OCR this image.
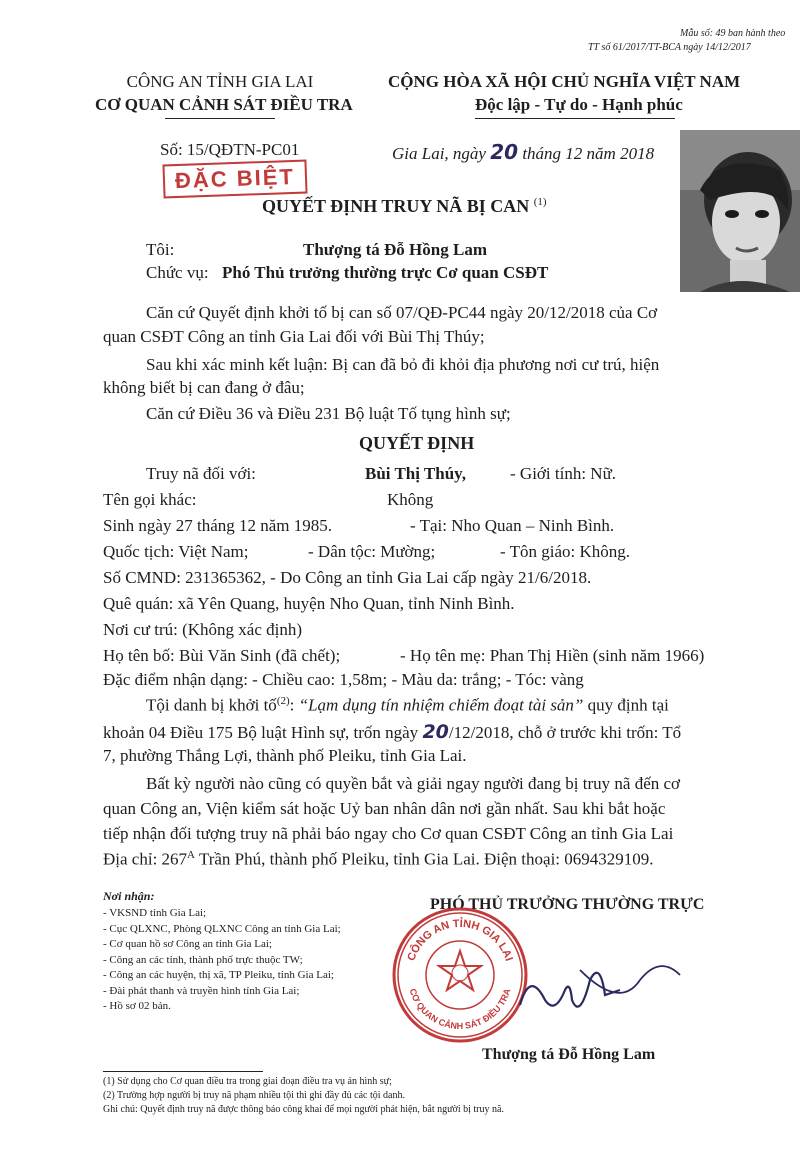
Mẫu số: 49 ban hành theo
TT số 61/2017/TT-BCA ngày 14/12/2017
CÔNG AN TỈNH GIA LAI
CƠ QUAN CẢNH SÁT ĐIỀU TRA
Số: 15/QĐTN-PC01
CỘNG HÒA XÃ HỘI CHỦ NGHĨA VIỆT NAM
Độc lập - Tự do - Hạnh phúc
Gia Lai, ngày 20 tháng 12 năm 2018
ĐẶC BIỆT
QUYẾT ĐỊNH TRUY NÃ BỊ CAN $^{(1)}$
Tôi:	Thượng tá Đỗ Hồng Lam
Chức vụ: Phó Thủ trưởng thường trực Cơ quan CSĐT
Căn cứ Quyết định khởi tố bị can số 07/QĐ-PC44 ngày 20/12/2018 của Cơ
quan CSĐT Công an tỉnh Gia Lai đối với Bùi Thị Thúy;
Sau khi xác minh kết luận: Bị can đã bỏ đi khỏi địa phương nơi cư trú, hiện
không biết bị can đang ở đâu;
Căn cứ Điều 36 và Điều 231 Bộ luật Tố tụng hình sự;
QUYẾT ĐỊNH
Truy nã đối với:	Bùi Thị Thúy,	- Giới tính: Nữ.
Tên gọi khác:	Không
Sinh ngày 27 tháng 12 năm 1985.	- Tại: Nho Quan – Ninh Bình.
Quốc tịch: Việt Nam;	- Dân tộc: Mường;	- Tôn giáo: Không.
Số CMND: 231365362, - Do Công an tỉnh Gia Lai cấp ngày 21/6/2018.
Quê quán: xã Yên Quang, huyện Nho Quan, tỉnh Ninh Bình.
Nơi cư trú: (Không xác định)
Họ tên bố: Bùi Văn Sinh (đã chết);	- Họ tên mẹ: Phan Thị Hiền (sinh năm 1966)
Đặc điểm nhận dạng: - Chiều cao: 1,58m; - Màu da: trắng; - Tóc: vàng
Tội danh bị khởi tố$^{(2)}$: “Lạm dụng tín nhiệm chiếm đoạt tài sản” quy định tại
khoản 04 Điều 175 Bộ luật Hình sự, trốn ngày 20/12/2018, chỗ ở trước khi trốn: Tổ
7, phường Thắng Lợi, thành phố Pleiku, tỉnh Gia Lai.
Bất kỳ người nào cũng có quyền bắt và giải ngay người đang bị truy nã đến cơ
quan Công an, Viện kiểm sát hoặc Uỷ ban nhân dân nơi gần nhất. Sau khi bắt hoặc
tiếp nhận đối tượng truy nã phải báo ngay cho Cơ quan CSĐT Công an tỉnh Gia Lai
Địa chỉ: $267^A$ Trần Phú, thành phố Pleiku, tỉnh Gia Lai. Điện thoại: 0694329109.
Nơi nhận:
- VKSND tỉnh Gia Lai;
- Cục QLXNC, Phòng QLXNC Công an tỉnh Gia Lai;
- Cơ quan hồ sơ Công an tỉnh Gia Lai;
- Công an các tỉnh, thành phố trực thuộc TW;
- Công an các huyện, thị xã, TP Pleiku, tỉnh Gia Lai;
- Đài phát thanh và truyền hình tỉnh Gia Lai;
- Hồ sơ 02 bản.
PHÓ THỦ TRƯỞNG THƯỜNG TRỰC
CÔNG AN TỈNH GIA LAI
CƠ QUAN CẢNH SÁT ĐIỀU TRA
Thượng tá Đỗ Hồng Lam
(1) Sử dụng cho Cơ quan điều tra trong giai đoạn điều tra vụ án hình sự;
(2) Trường hợp người bị truy nã phạm nhiều tội thì ghi đầy đủ các tội danh.
Ghi chú: Quyết định truy nã được thông báo công khai để mọi người phát hiện, bắt người bị truy nã.
